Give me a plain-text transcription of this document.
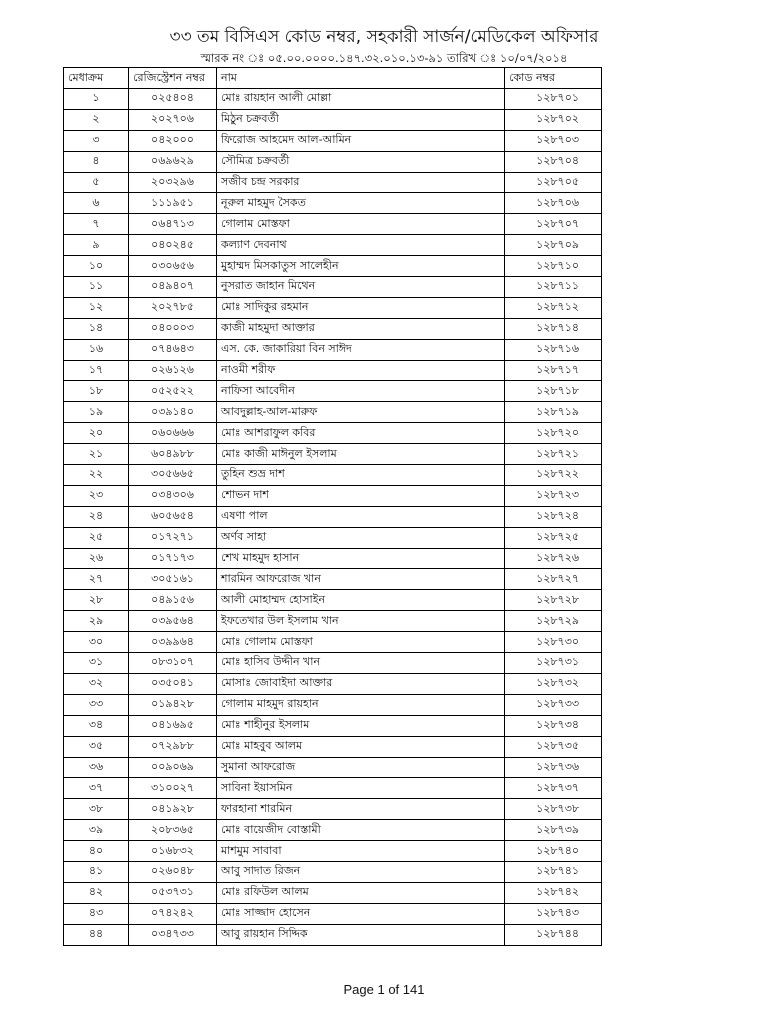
৩৩ তম বিসিএস কোড নম্বর, সহকারী সার্জন/মেডিকেল অফিসার
স্মারক নং ঃ ০৫.০০.০০০০.১৪৭.৩২.০১০.১৩-৯১ তারিখ ঃ ১০/০৭/২০১৪
মেধাক্রম	রেজিস্ট্রেশন নম্বর	নাম	কোড নম্বর
১	০২৫৪০৪	মোঃ রায়হান আলী মোল্লা	১২৮৭০১
২	২০২৭০৬	মিঠুন চক্রবর্তী	১২৮৭০২
৩	০৪২০০০	ফিরোজ আহমেদ আল-আমিন	১২৮৭০৩
৪	০৬৯৬২৯	সৌমিত্র চক্রবর্তী	১২৮৭০৪
৫	২০৩২৯৬	সজীব চন্দ্র সরকার	১২৮৭০৫
৬	১১১৯৫১	নূরুল মাহমুদ সৈকত	১২৮৭০৬
৭	০৬৪৭১৩	গোলাম মোস্তফা	১২৮৭০৭
৯	০৪০২৪৫	কল্যাণ দেবনাথ	১২৮৭০৯
১০	০৩০৬৫৬	মুহাম্মদ মিসকাতুস সালেহীন	১২৮৭১০
১১	০৪৯৪০৭	নুসরাত জাহান মিথেন	১২৮৭১১
১২	২০২৭৮৫	মোঃ সাদিকুর রহমান	১২৮৭১২
১৪	০৪০০০৩	কাজী মাহমুদা আক্তার	১২৮৭১৪
১৬	০৭৪৬৪৩	এস. কে. জাকারিয়া বিন সাঈদ	১২৮৭১৬
১৭	০২৬১২৬	নাওমী শরীফ	১২৮৭১৭
১৮	০৫২৫২২	নাফিসা আবেদীন	১২৮৭১৮
১৯	০৩৯১৪০	আবদুল্লাহ-আল-মারুফ	১২৮৭১৯
২০	০৬০৬৬৬	মোঃ আশরাফুল কবির	১২৮৭২০
২১	৬০৪৯৮৮	মোঃ কাজী মাঈনুল ইসলাম	১২৮৭২১
২২	৩০৫৬৬৫	তুহিন শুভ্র দাশ	১২৮৭২২
২৩	০৩৪৩০৬	শোভন দাশ	১২৮৭২৩
২৪	৬০৫৬৫৪	এষণা পাল	১২৮৭২৪
২৫	০১৭২৭১	অর্ণব সাহা	১২৮৭২৫
২৬	০১৭১৭৩	শেখ মাহমুদ হাসান	১২৮৭২৬
২৭	৩০৫১৬১	শারমিন আফরোজ খান	১২৮৭২৭
২৮	০৪৯১৫৬	আলী মোহাম্মদ হোসাইন	১২৮৭২৮
২৯	০৩৯৫৬৪	ইফতেখার উল ইসলাম খান	১২৮৭২৯
৩০	০৩৯৯৬৪	মোঃ গোলাম মোস্তফা	১২৮৭৩০
৩১	০৮৩১০৭	মোঃ হাসিব উদ্দীন খান	১২৮৭৩১
৩২	০৩৫০৪১	মোসাঃ জোবাইদা আক্তার	১২৮৭৩২
৩৩	০১৯৪২৮	গোলাম মাহমুদ রায়হান	১২৮৭৩৩
৩৪	০৪১৬৯৫	মোঃ শাহীনুর ইসলাম	১২৮৭৩৪
৩৫	০৭২৯৮৮	মোঃ মাহবুব আলম	১২৮৭৩৫
৩৬	০০৯০৬৯	সুমানা আফরোজ	১২৮৭৩৬
৩৭	৩১০০২৭	সাবিনা ইয়াসমিন	১২৮৭৩৭
৩৮	০৪১৯২৮	ফারহানা শারমিন	১২৮৭৩৮
৩৯	২০৮৩৬৫	মোঃ বায়েজীদ বোস্তামী	১২৮৭৩৯
৪০	০১৬৮৩২	মাশমুম সাবাবা	১২৮৭৪০
৪১	০২৬০৪৮	আবু সাদাত রিজন	১২৮৭৪১
৪২	০৫৩৭৩১	মোঃ রফিউল আলম	১২৮৭৪২
৪৩	০৭৪২৪২	মোঃ সাজ্জাদ হোসেন	১২৮৭৪৩
৪৪	০৩৪৭৩৩	আবু রায়হান সিদ্দিক	১২৮৭৪৪
Page 1 of 141
